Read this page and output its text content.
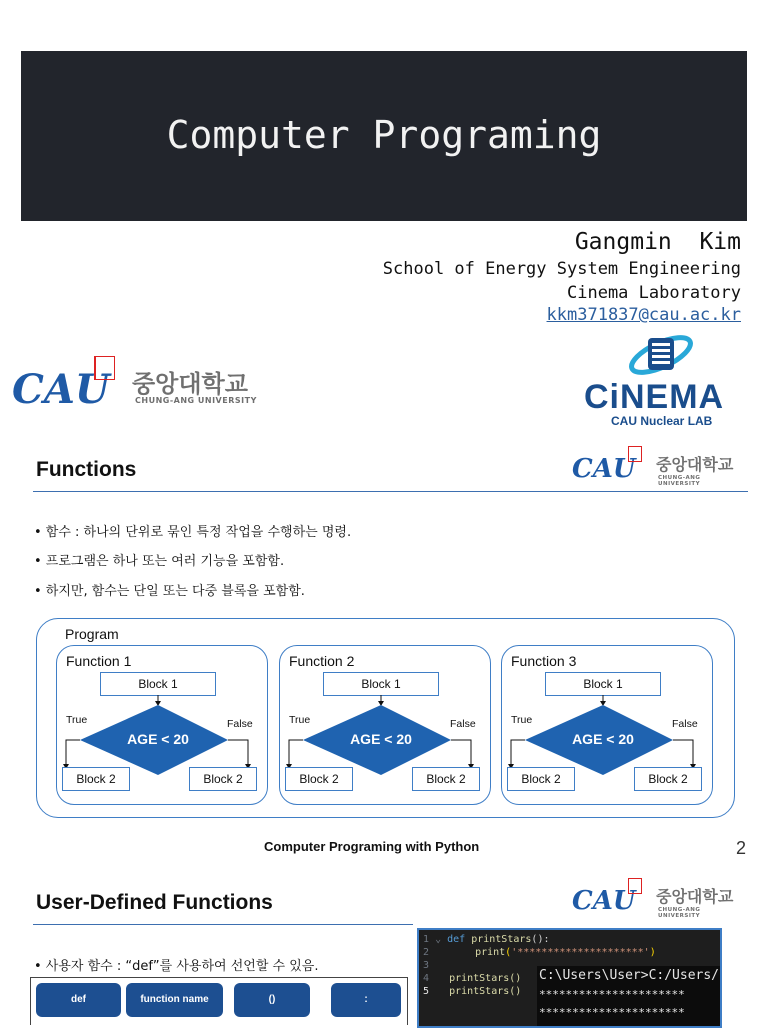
Computer Programing
Gangmin  Kim
School of Energy System Engineering
Cinema Laboratory
kkm371837@cau.ac.kr
CAU 중앙대학교
CHUNG-ANG UNIVERSITY	CiNEMA
CAU Nuclear LAB
Functions	CAU 중앙대학교
CHUNG-ANG UNIVERSITY
• 함수 : 하나의 단위로 묶인 특정 작업을 수행하는 명령.
• 프로그램은 하나 또는 여러 기능을 포함함.
• 하지만, 함수는 단일 또는 다중 블록을 포함함.
Program
Function 1
Block 1
AGE < 20
True	False
Block 2	Block 2
Function 2
Block 1
AGE < 20
True	False
Block 2	Block 2
Function 3
Block 1
AGE < 20
True	False
Block 2	Block 2
Computer Programing with Python	2
User-Defined Functions	CAU 중앙대학교
CHUNG-ANG UNIVERSITY
• 사용자 함수 : “def”를 사용하여 선언할 수 있음.
def	function name	()	:
1 ⌄ def printStars():
2	print('*********************')
3
4 printStars()
5 printStars()
C:\Users\User>C:/Users/
**********************
**********************
